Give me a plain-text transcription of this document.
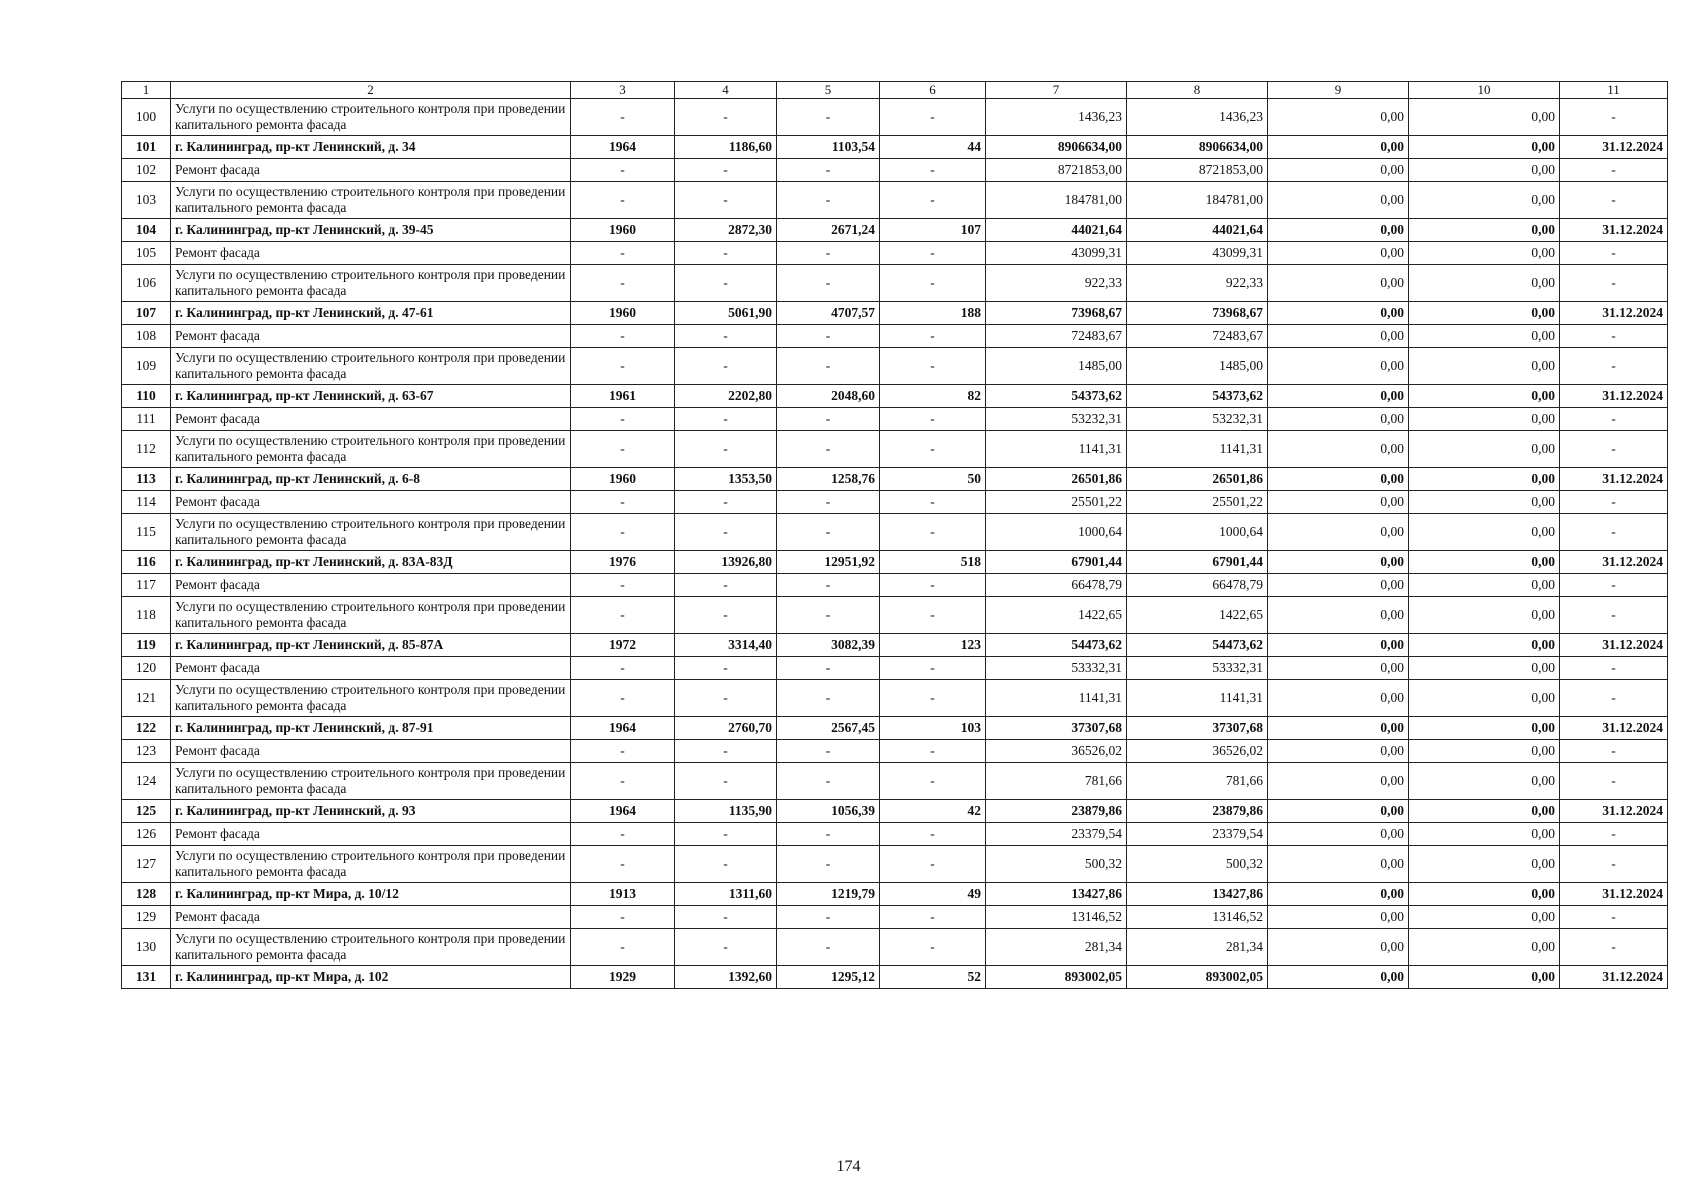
1	2	3	4	5	6	7	8	9	10	11
100	Услуги по осуществлению строительного контроля при проведении капитального ремонта фасада	-	-	-	-	1436,23	1436,23	0,00	0,00	-
101	г. Калининград, пр-кт Ленинский, д. 34	1964	1186,60	1103,54	44	8906634,00	8906634,00	0,00	0,00	31.12.2024
102	Ремонт фасада	-	-	-	-	8721853,00	8721853,00	0,00	0,00	-
103	Услуги по осуществлению строительного контроля при проведении капитального ремонта фасада	-	-	-	-	184781,00	184781,00	0,00	0,00	-
104	г. Калининград, пр-кт Ленинский, д. 39-45	1960	2872,30	2671,24	107	44021,64	44021,64	0,00	0,00	31.12.2024
105	Ремонт фасада	-	-	-	-	43099,31	43099,31	0,00	0,00	-
106	Услуги по осуществлению строительного контроля при проведении капитального ремонта фасада	-	-	-	-	922,33	922,33	0,00	0,00	-
107	г. Калининград, пр-кт Ленинский, д. 47-61	1960	5061,90	4707,57	188	73968,67	73968,67	0,00	0,00	31.12.2024
108	Ремонт фасада	-	-	-	-	72483,67	72483,67	0,00	0,00	-
109	Услуги по осуществлению строительного контроля при проведении капитального ремонта фасада	-	-	-	-	1485,00	1485,00	0,00	0,00	-
110	г. Калининград, пр-кт Ленинский, д. 63-67	1961	2202,80	2048,60	82	54373,62	54373,62	0,00	0,00	31.12.2024
111	Ремонт фасада	-	-	-	-	53232,31	53232,31	0,00	0,00	-
112	Услуги по осуществлению строительного контроля при проведении капитального ремонта фасада	-	-	-	-	1141,31	1141,31	0,00	0,00	-
113	г. Калининград, пр-кт Ленинский, д. 6-8	1960	1353,50	1258,76	50	26501,86	26501,86	0,00	0,00	31.12.2024
114	Ремонт фасада	-	-	-	-	25501,22	25501,22	0,00	0,00	-
115	Услуги по осуществлению строительного контроля при проведении капитального ремонта фасада	-	-	-	-	1000,64	1000,64	0,00	0,00	-
116	г. Калининград, пр-кт Ленинский, д. 83А-83Д	1976	13926,80	12951,92	518	67901,44	67901,44	0,00	0,00	31.12.2024
117	Ремонт фасада	-	-	-	-	66478,79	66478,79	0,00	0,00	-
118	Услуги по осуществлению строительного контроля при проведении капитального ремонта фасада	-	-	-	-	1422,65	1422,65	0,00	0,00	-
119	г. Калининград, пр-кт Ленинский, д. 85-87А	1972	3314,40	3082,39	123	54473,62	54473,62	0,00	0,00	31.12.2024
120	Ремонт фасада	-	-	-	-	53332,31	53332,31	0,00	0,00	-
121	Услуги по осуществлению строительного контроля при проведении капитального ремонта фасада	-	-	-	-	1141,31	1141,31	0,00	0,00	-
122	г. Калининград, пр-кт Ленинский, д. 87-91	1964	2760,70	2567,45	103	37307,68	37307,68	0,00	0,00	31.12.2024
123	Ремонт фасада	-	-	-	-	36526,02	36526,02	0,00	0,00	-
124	Услуги по осуществлению строительного контроля при проведении капитального ремонта фасада	-	-	-	-	781,66	781,66	0,00	0,00	-
125	г. Калининград, пр-кт Ленинский, д. 93	1964	1135,90	1056,39	42	23879,86	23879,86	0,00	0,00	31.12.2024
126	Ремонт фасада	-	-	-	-	23379,54	23379,54	0,00	0,00	-
127	Услуги по осуществлению строительного контроля при проведении капитального ремонта фасада	-	-	-	-	500,32	500,32	0,00	0,00	-
128	г. Калининград, пр-кт Мира, д. 10/12	1913	1311,60	1219,79	49	13427,86	13427,86	0,00	0,00	31.12.2024
129	Ремонт фасада	-	-	-	-	13146,52	13146,52	0,00	0,00	-
130	Услуги по осуществлению строительного контроля при проведении капитального ремонта фасада	-	-	-	-	281,34	281,34	0,00	0,00	-
131	г. Калининград, пр-кт Мира, д. 102	1929	1392,60	1295,12	52	893002,05	893002,05	0,00	0,00	31.12.2024
174
